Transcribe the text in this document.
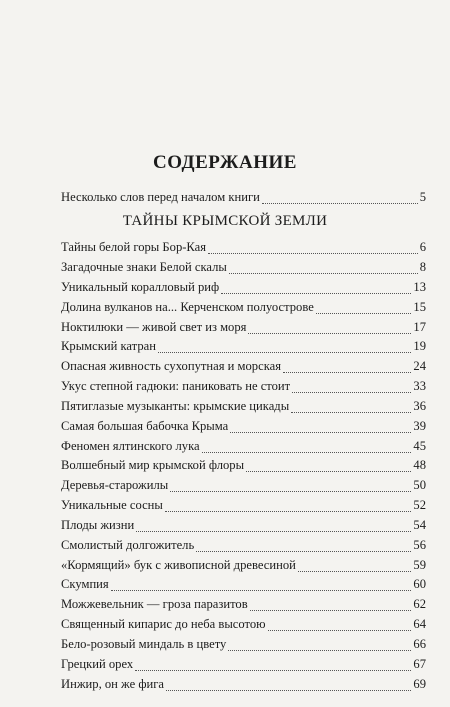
СОДЕРЖАНИЕ
Несколько слов перед началом книги	5
ТАЙНЫ КРЫМСКОЙ ЗЕМЛИ
Тайны белой горы Бор-Кая	6
Загадочные знаки Белой скалы	8
Уникальный коралловый риф	13
Долина вулканов на... Керченском полуострове	15
Ноктилюки — живой свет из моря	17
Крымский катран	19
Опасная живность сухопутная и морская	24
Укус степной гадюки: паниковать не стоит	33
Пятиглазые музыканты: крымские цикады	36
Самая большая бабочка Крыма	39
Феномен ялтинского лука	45
Волшебный мир крымской флоры	48
Деревья-старожилы	50
Уникальные сосны	52
Плоды жизни	54
Смолистый долгожитель	56
«Кормящий» бук с живописной древесиной	59
Скумпия	60
Можжевельник — гроза паразитов	62
Священный кипарис до неба высотою	64
Бело-розовый миндаль в цвету	66
Грецкий орех	67
Инжир, он же фига	69
